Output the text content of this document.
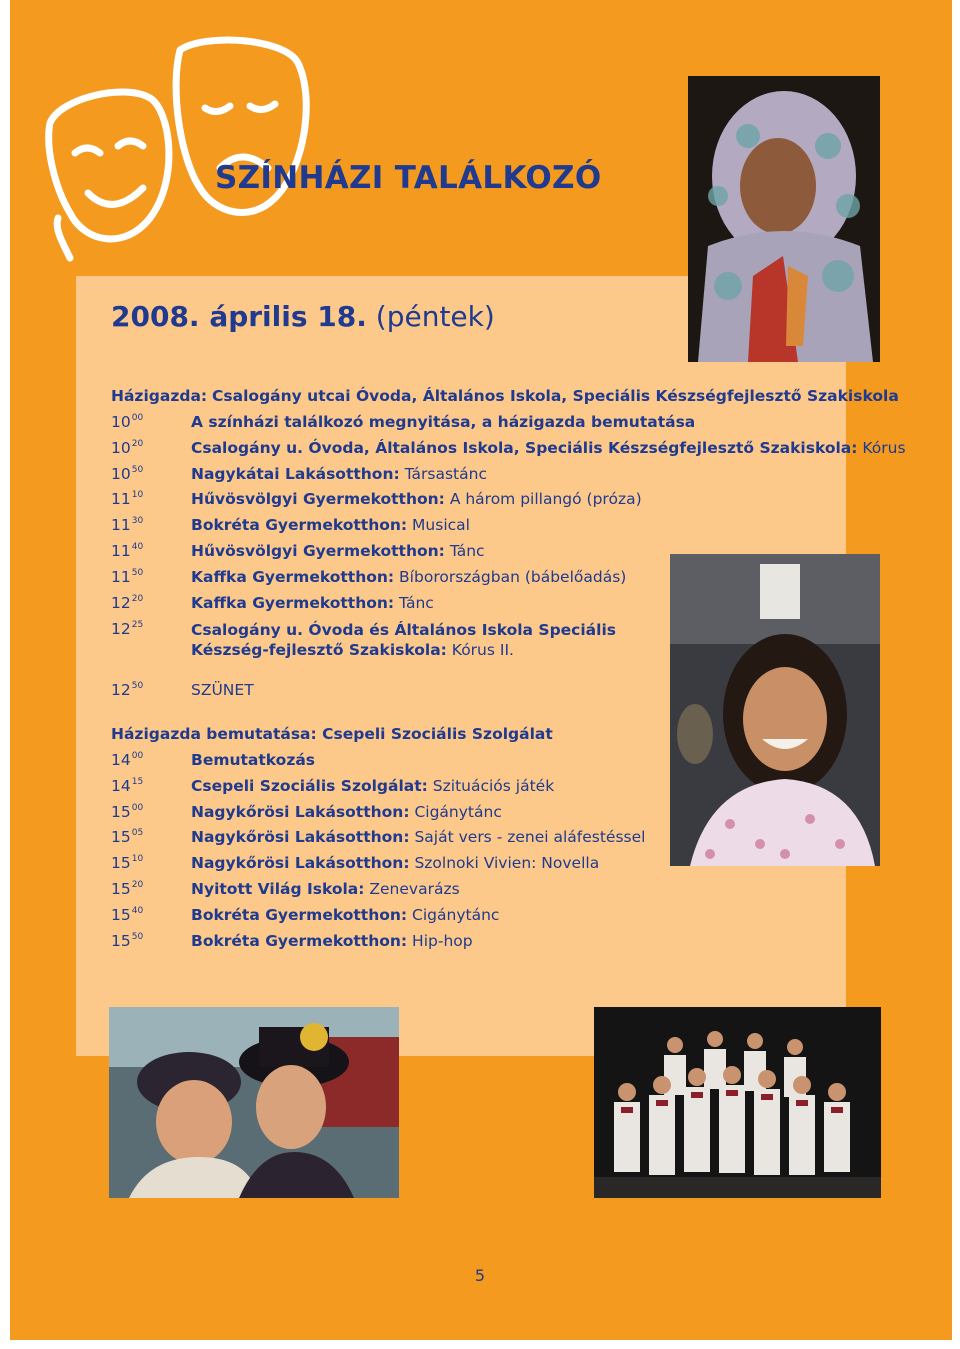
SZÍNHÁZI TALÁLKOZÓ
2008. április 18. (péntek)
Házigazda: Csalogány utcai Óvoda, Általános Iskola, Speciális Készségfejlesztő Szakiskola
$10^{00}$	A színházi találkozó megnyitása, a házigazda bemutatása
$10^{20}$	Csalogány u. Óvoda, Általános Iskola, Speciális Készségfejlesztő Szakiskola: Kórus
$10^{50}$	Nagykátai Lakásotthon: Társastánc
$11^{10}$	Hűvösvölgyi Gyermekotthon: A három pillangó (próza)
$11^{30}$	Bokréta Gyermekotthon: Musical
$11^{40}$	Hűvösvölgyi Gyermekotthon: Tánc
$11^{50}$	Kaffka Gyermekotthon: Bíborországban (bábelőadás)
$12^{20}$	Kaffka Gyermekotthon: Tánc
$12^{25}$	Csalogány u. Óvoda és Általános Iskola Speciális Készség-fejlesztő Szakiskola: Kórus II.
$12^{50}$	SZÜNET
Házigazda bemutatása: Csepeli Szociális Szolgálat
$14^{00}$	Bemutatkozás
$14^{15}$	Csepeli Szociális Szolgálat: Szituációs játék
$15^{00}$	Nagykőrösi Lakásotthon: Cigánytánc
$15^{05}$	Nagykőrösi Lakásotthon: Saját vers - zenei aláfestéssel
$15^{10}$	Nagykőrösi Lakásotthon: Szolnoki Vivien: Novella
$15^{20}$	Nyitott Világ Iskola: Zenevarázs
$15^{40}$	Bokréta Gyermekotthon: Cigánytánc
$15^{50}$	Bokréta Gyermekotthon: Hip-hop
5
